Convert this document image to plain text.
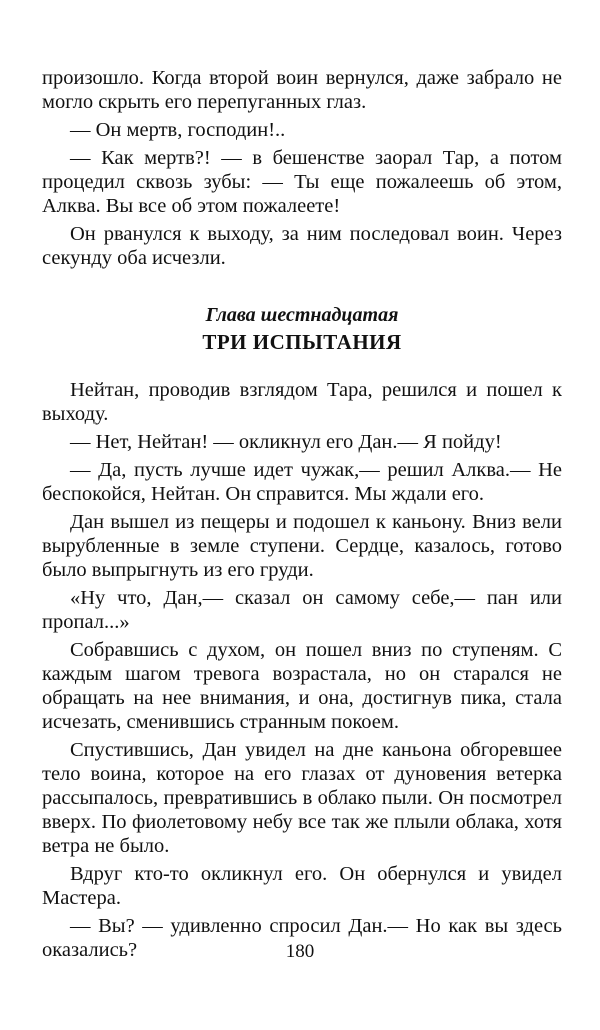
произошло. Когда второй воин вернулся, даже забрало не могло скрыть его перепуганных глаз.

— Он мертв, господин!..

— Как мертв?! — в бешенстве заорал Тар, а потом процедил сквозь зубы: — Ты еще пожалеешь об этом, Алква. Вы все об этом пожалеете!

Он рванулся к выходу, за ним последовал воин. Через секунду оба исчезли.

Глава шестнадцатая
ТРИ ИСПЫТАНИЯ

Нейтан, проводив взглядом Тара, решился и пошел к выходу.

— Нет, Нейтан! — окликнул его Дан.— Я пойду!

— Да, пусть лучше идет чужак,— решил Алква.— Не беспокойся, Нейтан. Он справится. Мы ждали его.

Дан вышел из пещеры и подошел к каньону. Вниз вели вырубленные в земле ступени. Сердце, казалось, готово было выпрыгнуть из его груди.

«Ну что, Дан,— сказал он самому себе,— пан или пропал...»

Собравшись с духом, он пошел вниз по ступеням. С каждым шагом тревога возрастала, но он старался не обращать на нее внимания, и она, достигнув пика, стала исчезать, сменившись странным покоем.

Спустившись, Дан увидел на дне каньона обгоревшее тело воина, которое на его глазах от дуновения ветерка рассыпалось, превратившись в облако пыли. Он посмотрел вверх. По фиолетовому небу все так же плыли облака, хотя ветра не было.

Вдруг кто-то окликнул его. Он обернулся и увидел Мастера.

— Вы? — удивленно спросил Дан.— Но как вы здесь оказались?	180
